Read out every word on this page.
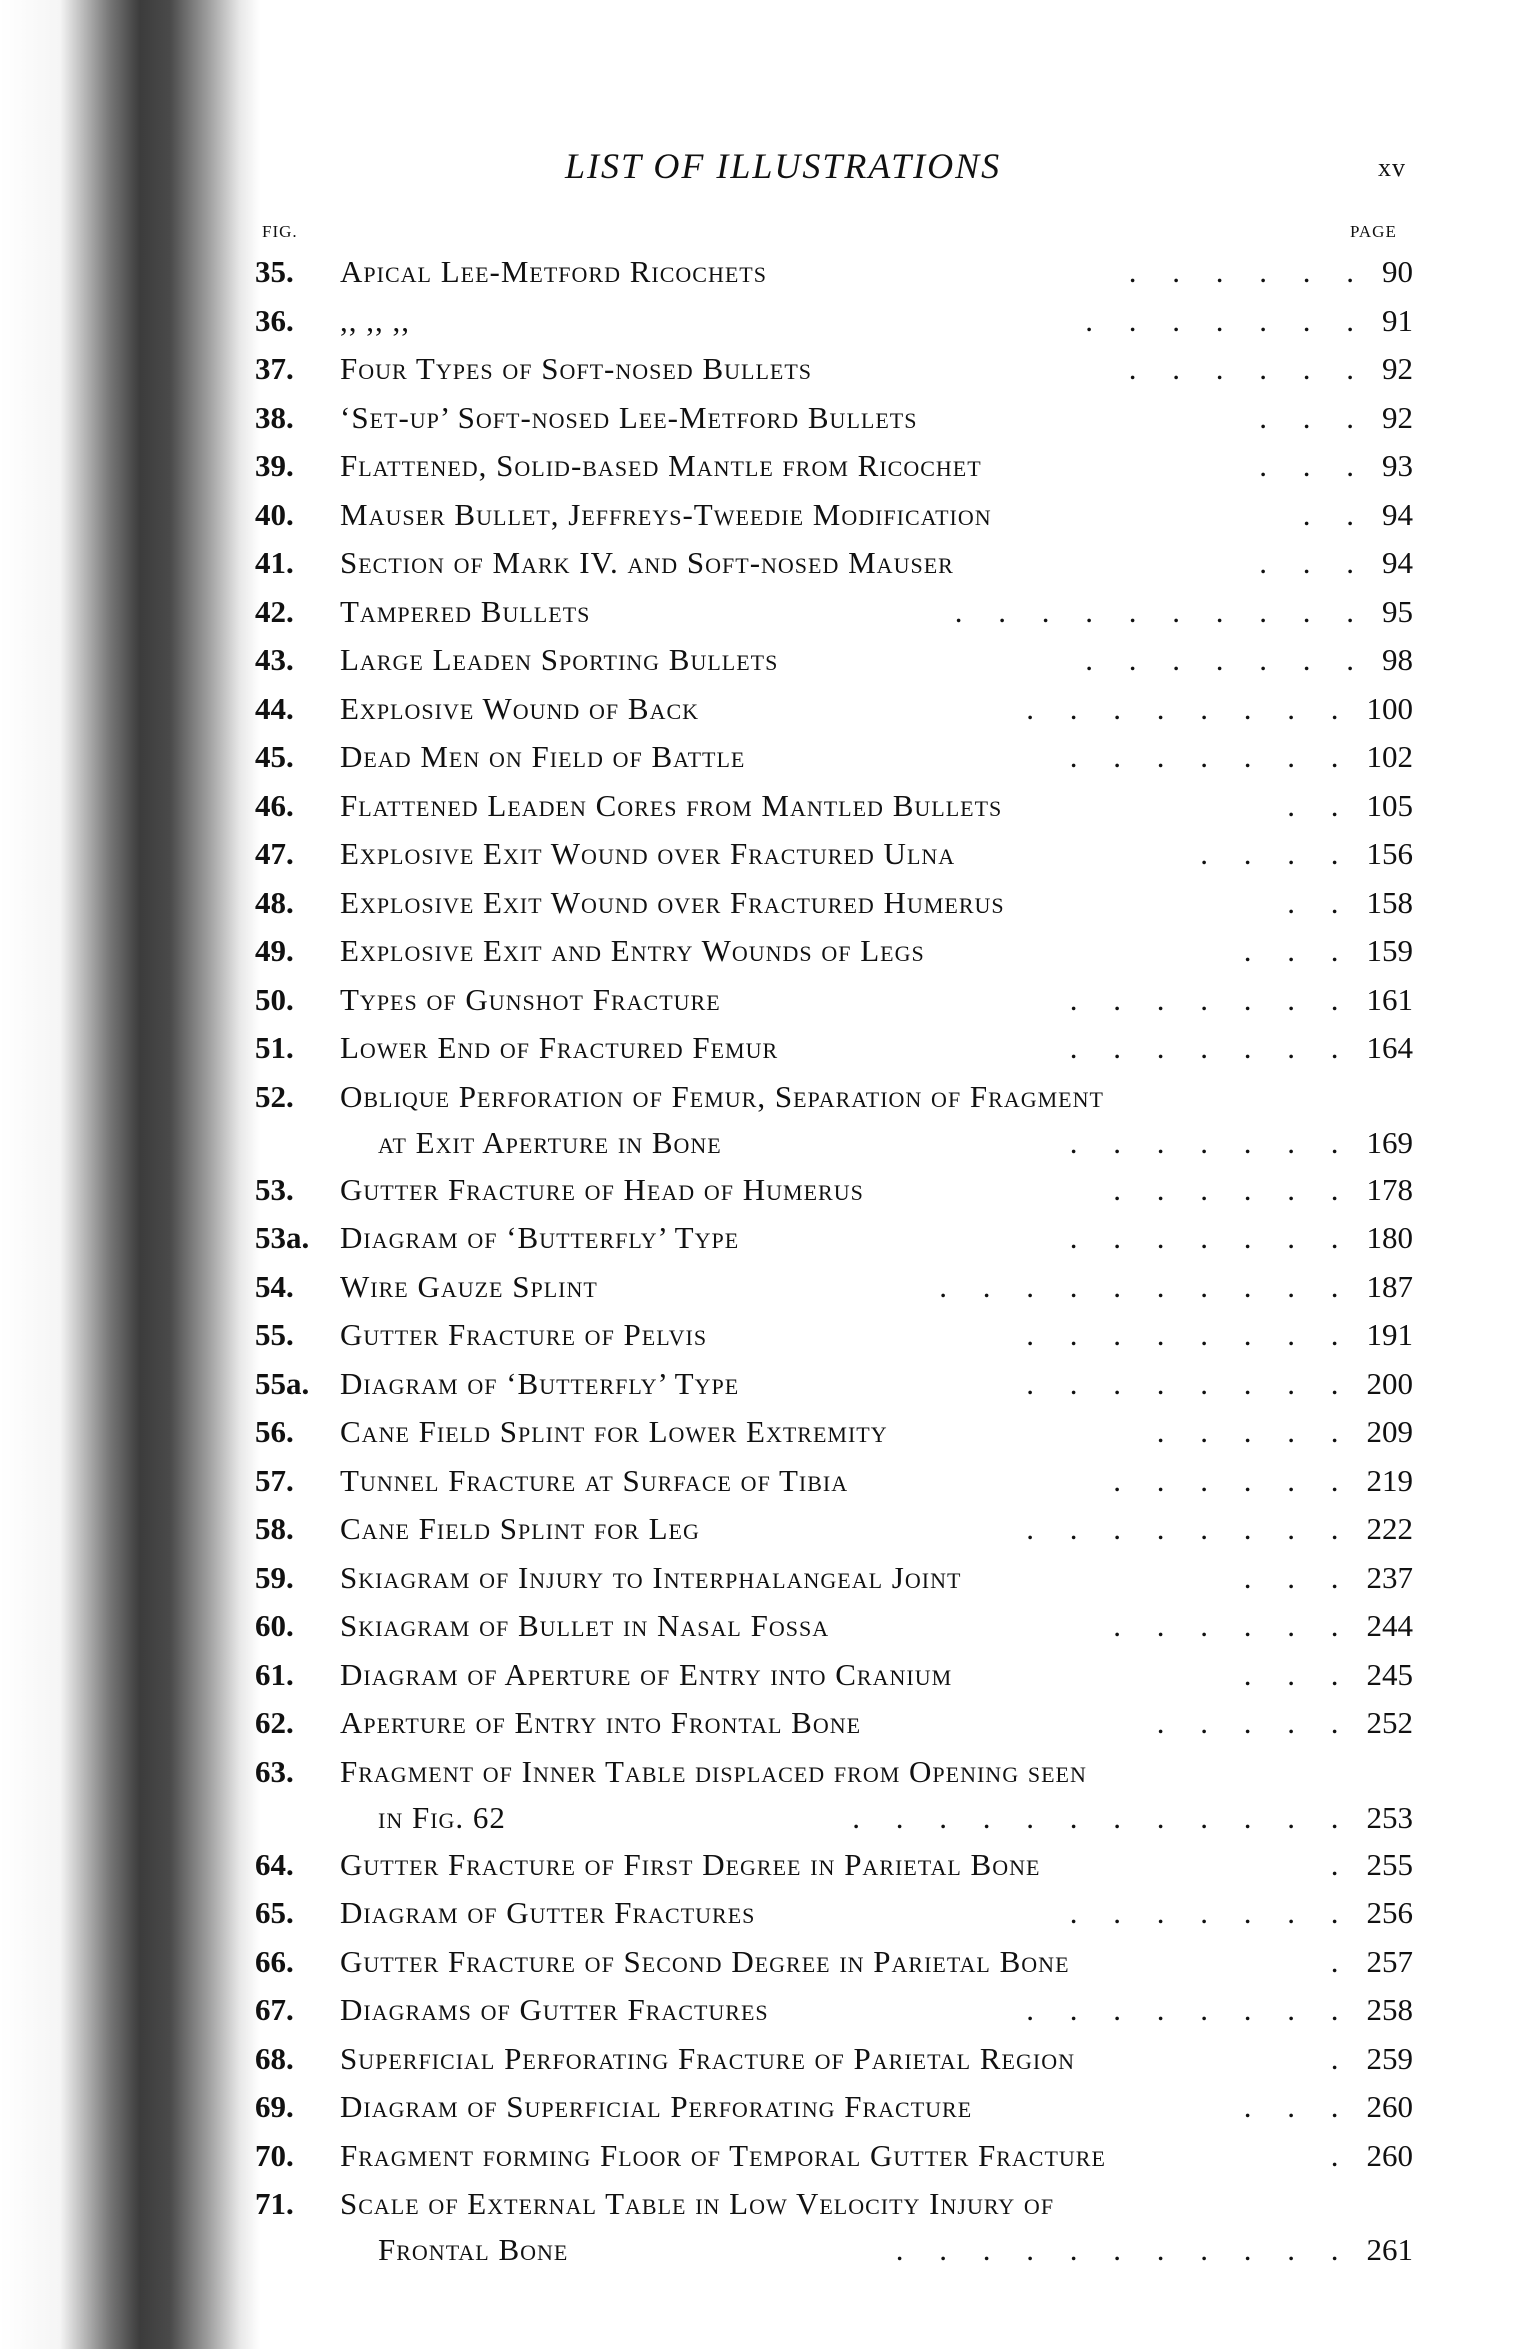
LIST OF ILLUSTRATIONS	xv
FIG.	PAGE
35. Apical Lee-Metford Ricochets	. . . . . . 90
36. ,, ,, ,,	. . . . . . . 91
37. Four Types of Soft-nosed Bullets	. . . . . . 92
38. ‘Set-up’ Soft-nosed Lee-Metford Bullets	. . . 92
39. Flattened, Solid-based Mantle from Ricochet	. . . 93
40. Mauser Bullet, Jeffreys-Tweedie Modification	. . 94
41. Section of Mark IV. and Soft-nosed Mauser	. . . 94
42. Tampered Bullets	. . . . . . . . . . 95
43. Large Leaden Sporting Bullets	. . . . . . . 98
44. Explosive Wound of Back	. . . . . . . . 100
45. Dead Men on Field of Battle	. . . . . . . 102
46. Flattened Leaden Cores from Mantled Bullets	. . 105
47. Explosive Exit Wound over Fractured Ulna	. . . . 156
48. Explosive Exit Wound over Fractured Humerus	. . 158
49. Explosive Exit and Entry Wounds of Legs	. . . 159
50. Types of Gunshot Fracture	. . . . . . . 161
51. Lower End of Fractured Femur	. . . . . . . 164
52. Oblique Perforation of Femur, Separation of Fragment
at Exit Aperture in Bone	. . . . . . . 169
53. Gutter Fracture of Head of Humerus	. . . . . . 178
53a. Diagram of ‘Butterfly’ Type	. . . . . . . 180
54. Wire Gauze Splint	. . . . . . . . . . 187
55. Gutter Fracture of Pelvis	. . . . . . . . 191
55a. Diagram of ‘Butterfly’ Type	. . . . . . . . 200
56. Cane Field Splint for Lower Extremity	. . . . . 209
57. Tunnel Fracture at Surface of Tibia	. . . . . . 219
58. Cane Field Splint for Leg	. . . . . . . . 222
59. Skiagram of Injury to Interphalangeal Joint	. . . 237
60. Skiagram of Bullet in Nasal Fossa	. . . . . . 244
61. Diagram of Aperture of Entry into Cranium	. . . 245
62. Aperture of Entry into Frontal Bone	. . . . . 252
63. Fragment of Inner Table displaced from Opening seen
in Fig. 62	. . . . . . . . . . . . 253
64. Gutter Fracture of First Degree in Parietal Bone	. 255
65. Diagram of Gutter Fractures	. . . . . . . 256
66. Gutter Fracture of Second Degree in Parietal Bone	. 257
67. Diagrams of Gutter Fractures	. . . . . . . . 258
68. Superficial Perforating Fracture of Parietal Region	. 259
69. Diagram of Superficial Perforating Fracture	. . . 260
70. Fragment forming Floor of Temporal Gutter Fracture	. 260
71. Scale of External Table in Low Velocity Injury of
Frontal Bone	. . . . . . . . . . . 261
